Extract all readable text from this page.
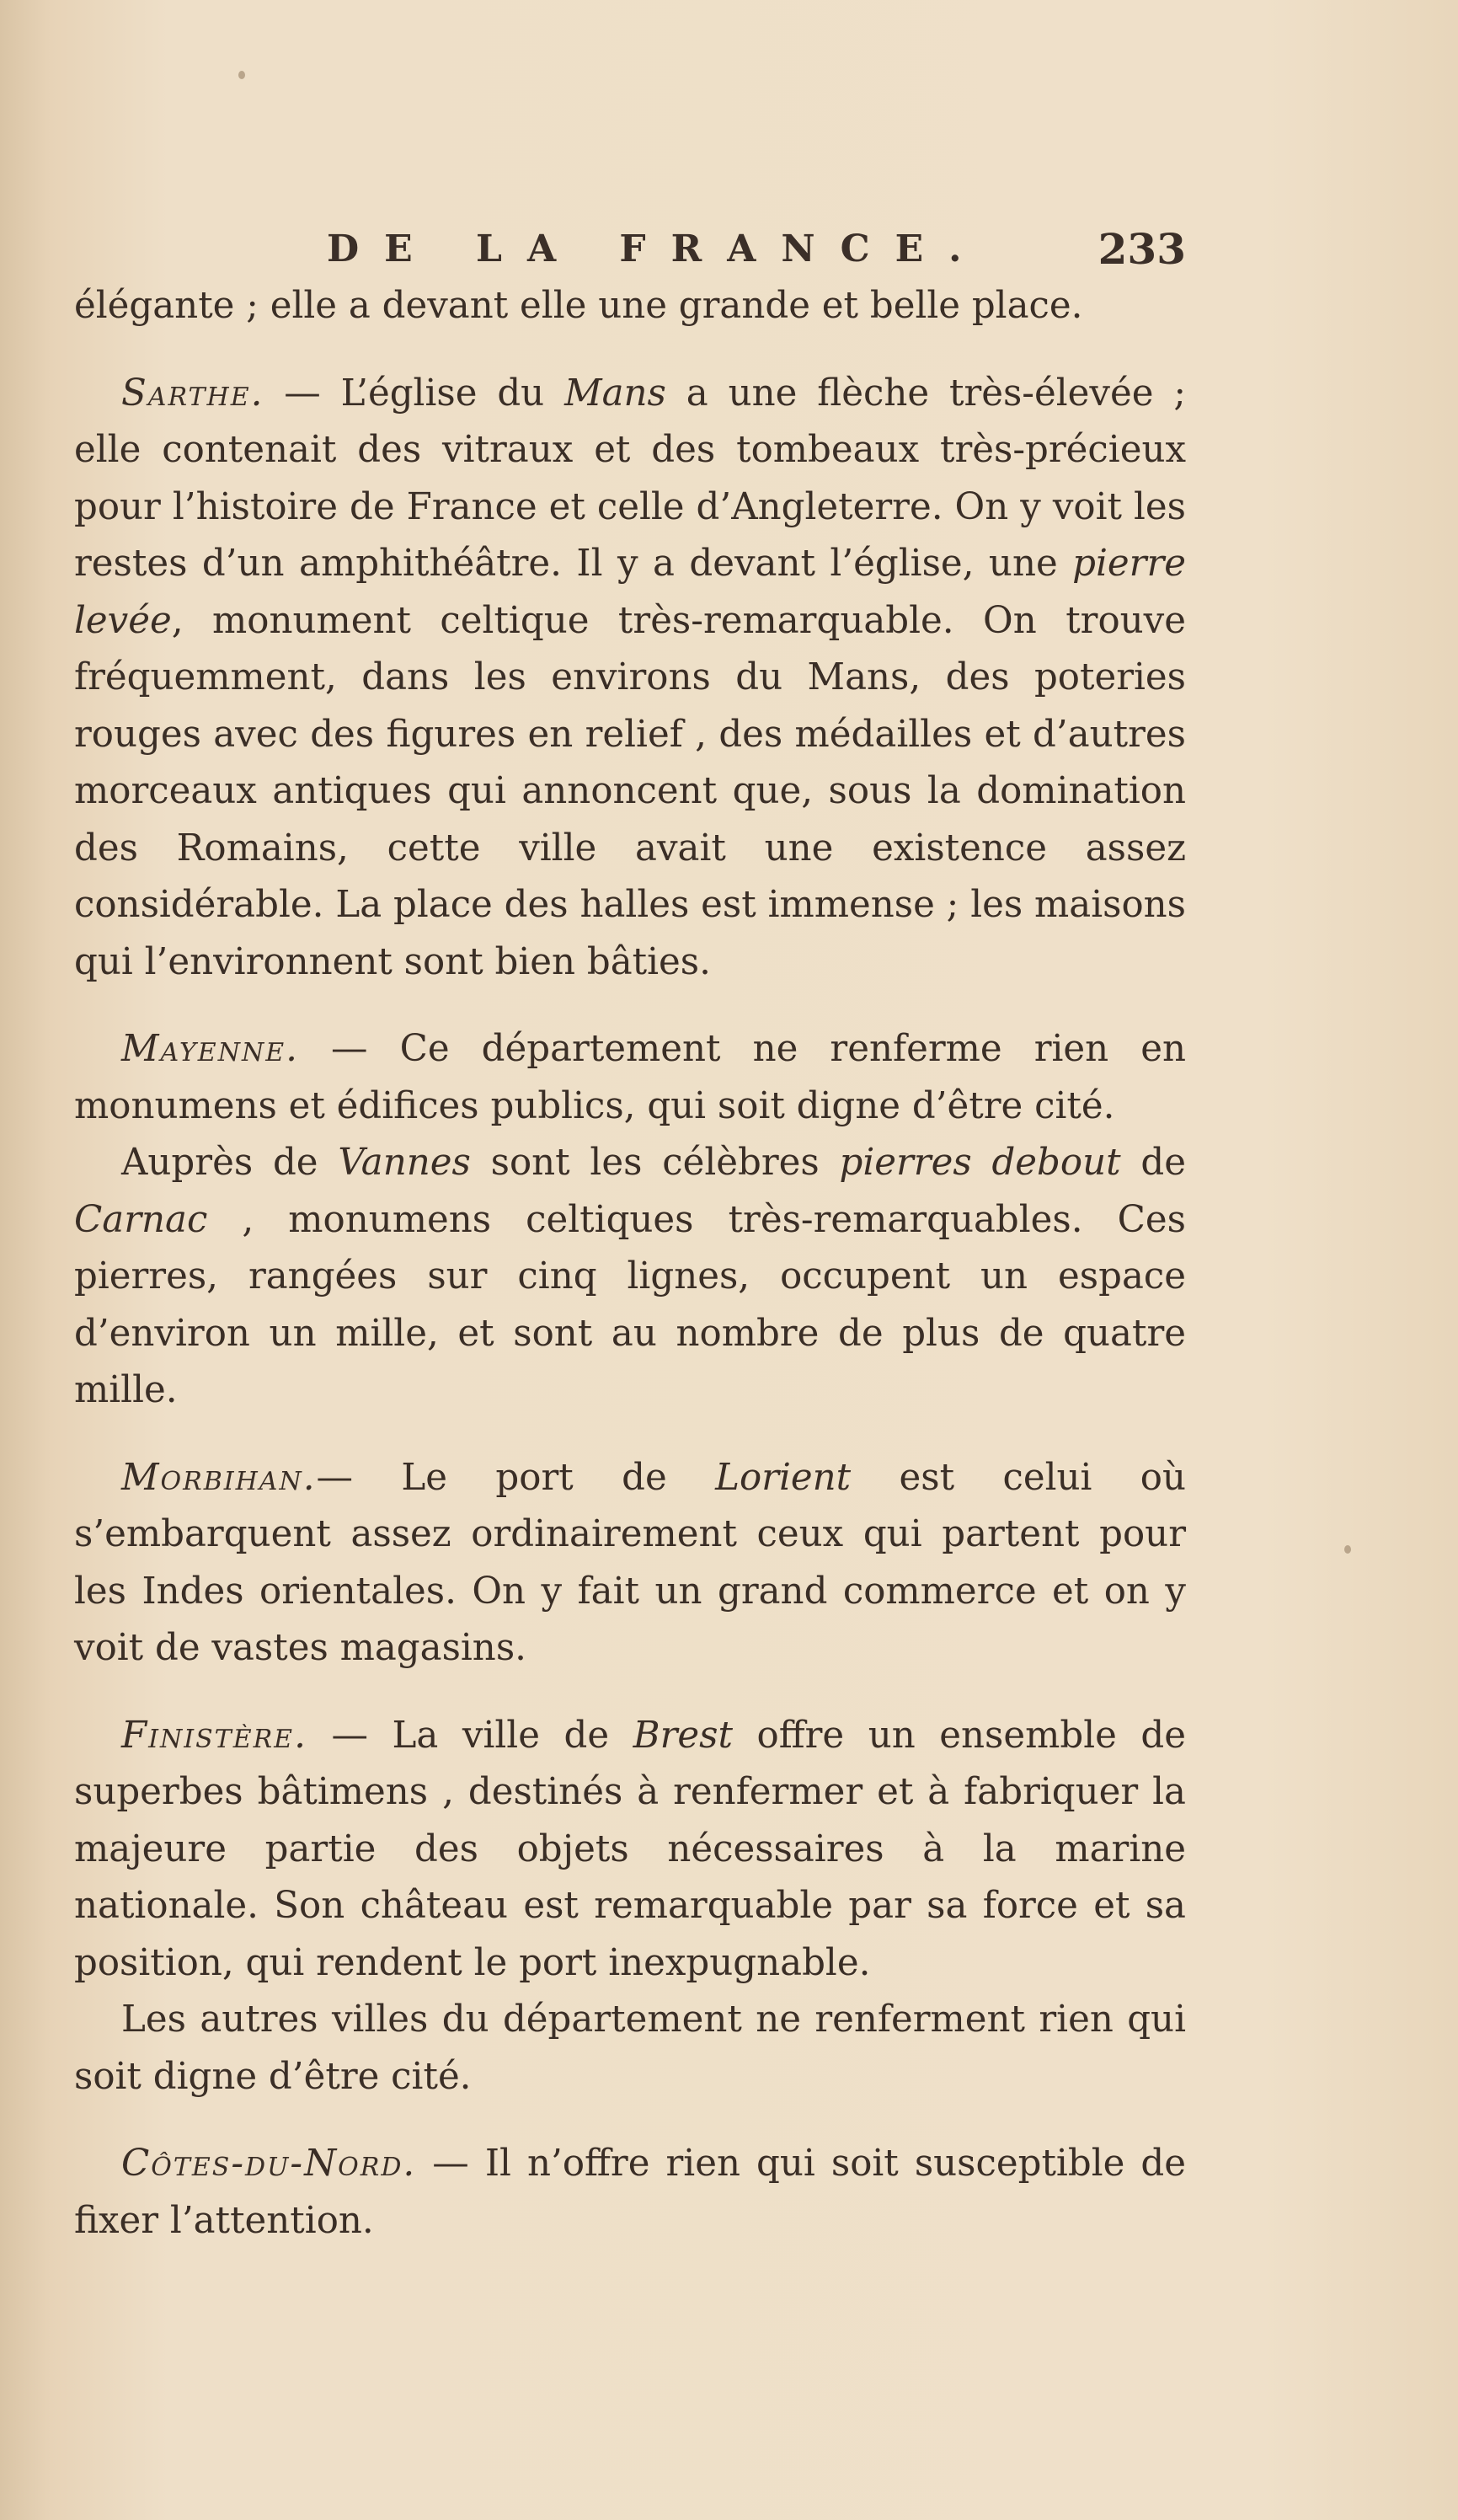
DE LA FRANCE.	233

élégante ; elle a devant elle une grande et belle place.

Sarthe. — L’église du Mans a une flèche très-élevée ; elle contenait des vitraux et des tombeaux très-précieux pour l’histoire de France et celle d’Angleterre. On y voit les restes d’un amphithéâtre. Il y a devant l’église, une pierre levée, monument celtique très-remarquable. On trouve fréquemment, dans les environs du Mans, des poteries rouges avec des figures en relief , des médailles et d’autres morceaux antiques qui annoncent que, sous la domination des Romains, cette ville avait une existence assez considérable. La place des halles est immense ; les maisons qui l’environnent sont bien bâties.

Mayenne. — Ce département ne renferme rien en monumens et édifices publics, qui soit digne d’être cité.

Auprès de Vannes sont les célèbres pierres debout de Carnac , monumens celtiques très-remarquables. Ces pierres, rangées sur cinq lignes, occupent un espace d’environ un mille, et sont au nombre de plus de quatre mille.

Morbihan.— Le port de Lorient est celui où s’embarquent assez ordinairement ceux qui partent pour les Indes orientales. On y fait un grand commerce et on y voit de vastes magasins.

Finistère. — La ville de Brest offre un ensemble de superbes bâtimens , destinés à renfermer et à fabriquer la majeure partie des objets nécessaires à la marine nationale. Son château est remarquable par sa force et sa position, qui rendent le port inexpugnable.

Les autres villes du département ne renferment rien qui soit digne d’être cité.

Côtes-du-Nord. — Il n’offre rien qui soit susceptible de fixer l’attention.
